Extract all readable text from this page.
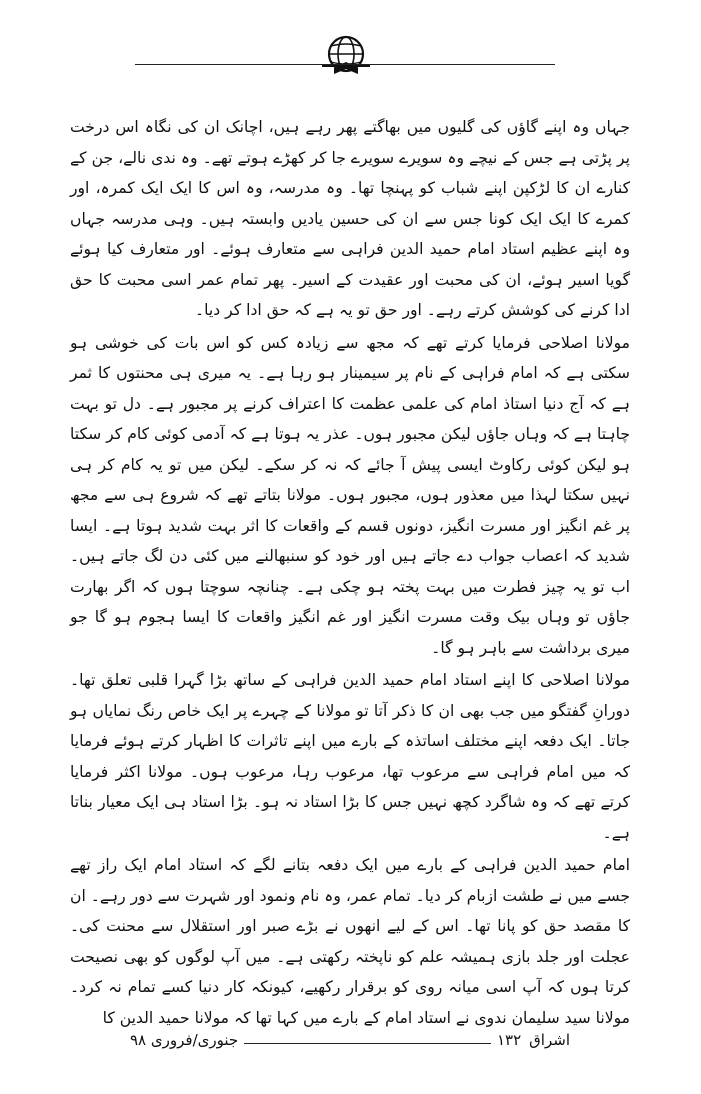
جہاں وہ اپنے گاؤں کی گلیوں میں بھاگتے پھر رہے ہیں، اچانک ان کی نگاہ اس درخت پر پڑتی ہے جس کے نیچے وہ سویرے سویرے جا کر کھڑے ہوتے تھے۔ وہ ندی نالے، جن کے کنارے ان کا لڑکپن اپنے شباب کو پہنچا تھا۔ وہ مدرسہ، وہ اس کا ایک ایک کمرہ، اور کمرے کا ایک ایک کونا جس سے ان کی حسین یادیں وابستہ ہیں۔ وہی مدرسہ جہاں وہ اپنے عظیم استاد امام حمید الدین فراہی سے متعارف ہوئے۔ اور متعارف کیا ہوئے گویا اسیر ہوئے، ان کی محبت اور عقیدت کے اسیر۔ پھر تمام عمر اسی محبت کا حق ادا کرنے کی کوشش کرتے رہے۔ اور حق تو یہ ہے کہ حق ادا کر دیا۔

مولانا اصلاحی فرمایا کرتے تھے کہ مجھ سے زیادہ کس کو اس بات کی خوشی ہو سکتی ہے کہ امام فراہی کے نام پر سیمینار ہو رہا ہے۔ یہ میری ہی محنتوں کا ثمر ہے کہ آج دنیا استاذ امام کی علمی عظمت کا اعتراف کرنے پر مجبور ہے۔ دل تو بہت چاہتا ہے کہ وہاں جاؤں لیکن مجبور ہوں۔ عذر یہ ہوتا ہے کہ آدمی کوئی کام کر سکتا ہو لیکن کوئی رکاوٹ ایسی پیش آ جائے کہ نہ کر سکے۔ لیکن میں تو یہ کام کر ہی نہیں سکتا لہذا میں معذور ہوں، مجبور ہوں۔ مولانا بتاتے تھے کہ شروع ہی سے مجھ پر غم انگیز اور مسرت انگیز، دونوں قسم کے واقعات کا اثر بہت شدید ہوتا ہے۔ ایسا شدید کہ اعصاب جواب دے جاتے ہیں اور خود کو سنبھالنے میں کئی دن لگ جاتے ہیں۔ اب تو یہ چیز فطرت میں بہت پختہ ہو چکی ہے۔ چنانچہ سوچتا ہوں کہ اگر بھارت جاؤں تو وہاں بیک وقت مسرت انگیز اور غم انگیز واقعات کا ایسا ہجوم ہو گا جو میری برداشت سے باہر ہو گا۔

مولانا اصلاحی کا اپنے استاد امام حمید الدین فراہی کے ساتھ بڑا گہرا قلبی تعلق تھا۔ دورانِ گفتگو میں جب بھی ان کا ذکر آتا تو مولانا کے چہرے پر ایک خاص رنگ نمایاں ہو جاتا۔ ایک دفعہ اپنے مختلف اساتذہ کے بارے میں اپنے تاثرات کا اظہار کرتے ہوئے فرمایا کہ میں امام فراہی سے مرعوب تھا، مرعوب رہا، مرعوب ہوں۔ مولانا اکثر فرمایا کرتے تھے کہ وہ شاگرد کچھ نہیں جس کا بڑا استاد نہ ہو۔ بڑا استاد ہی ایک معیار بناتا ہے۔

امام حمید الدین فراہی کے بارے میں ایک دفعہ بتانے لگے کہ استاد امام ایک راز تھے جسے میں نے طشت ازبام کر دیا۔ تمام عمر، وہ نام ونمود اور شہرت سے دور رہے۔ ان کا مقصد حق کو پانا تھا۔ اس کے لیے انھوں نے بڑے صبر اور استقلال سے محنت کی۔ عجلت اور جلد بازی ہمیشہ علم کو ناپختہ رکھتی ہے۔ میں آپ لوگوں کو بھی نصیحت کرتا ہوں کہ آپ اسی میانہ روی کو برقرار رکھیے، کیونکہ کار دنیا کسے تمام نہ کرد۔ مولانا سید سلیمان ندوی نے استاد امام کے بارے میں کہا تھا کہ مولانا حمید الدین کا

اشراق
۱۳۲
جنوری/فروری ۹۸
